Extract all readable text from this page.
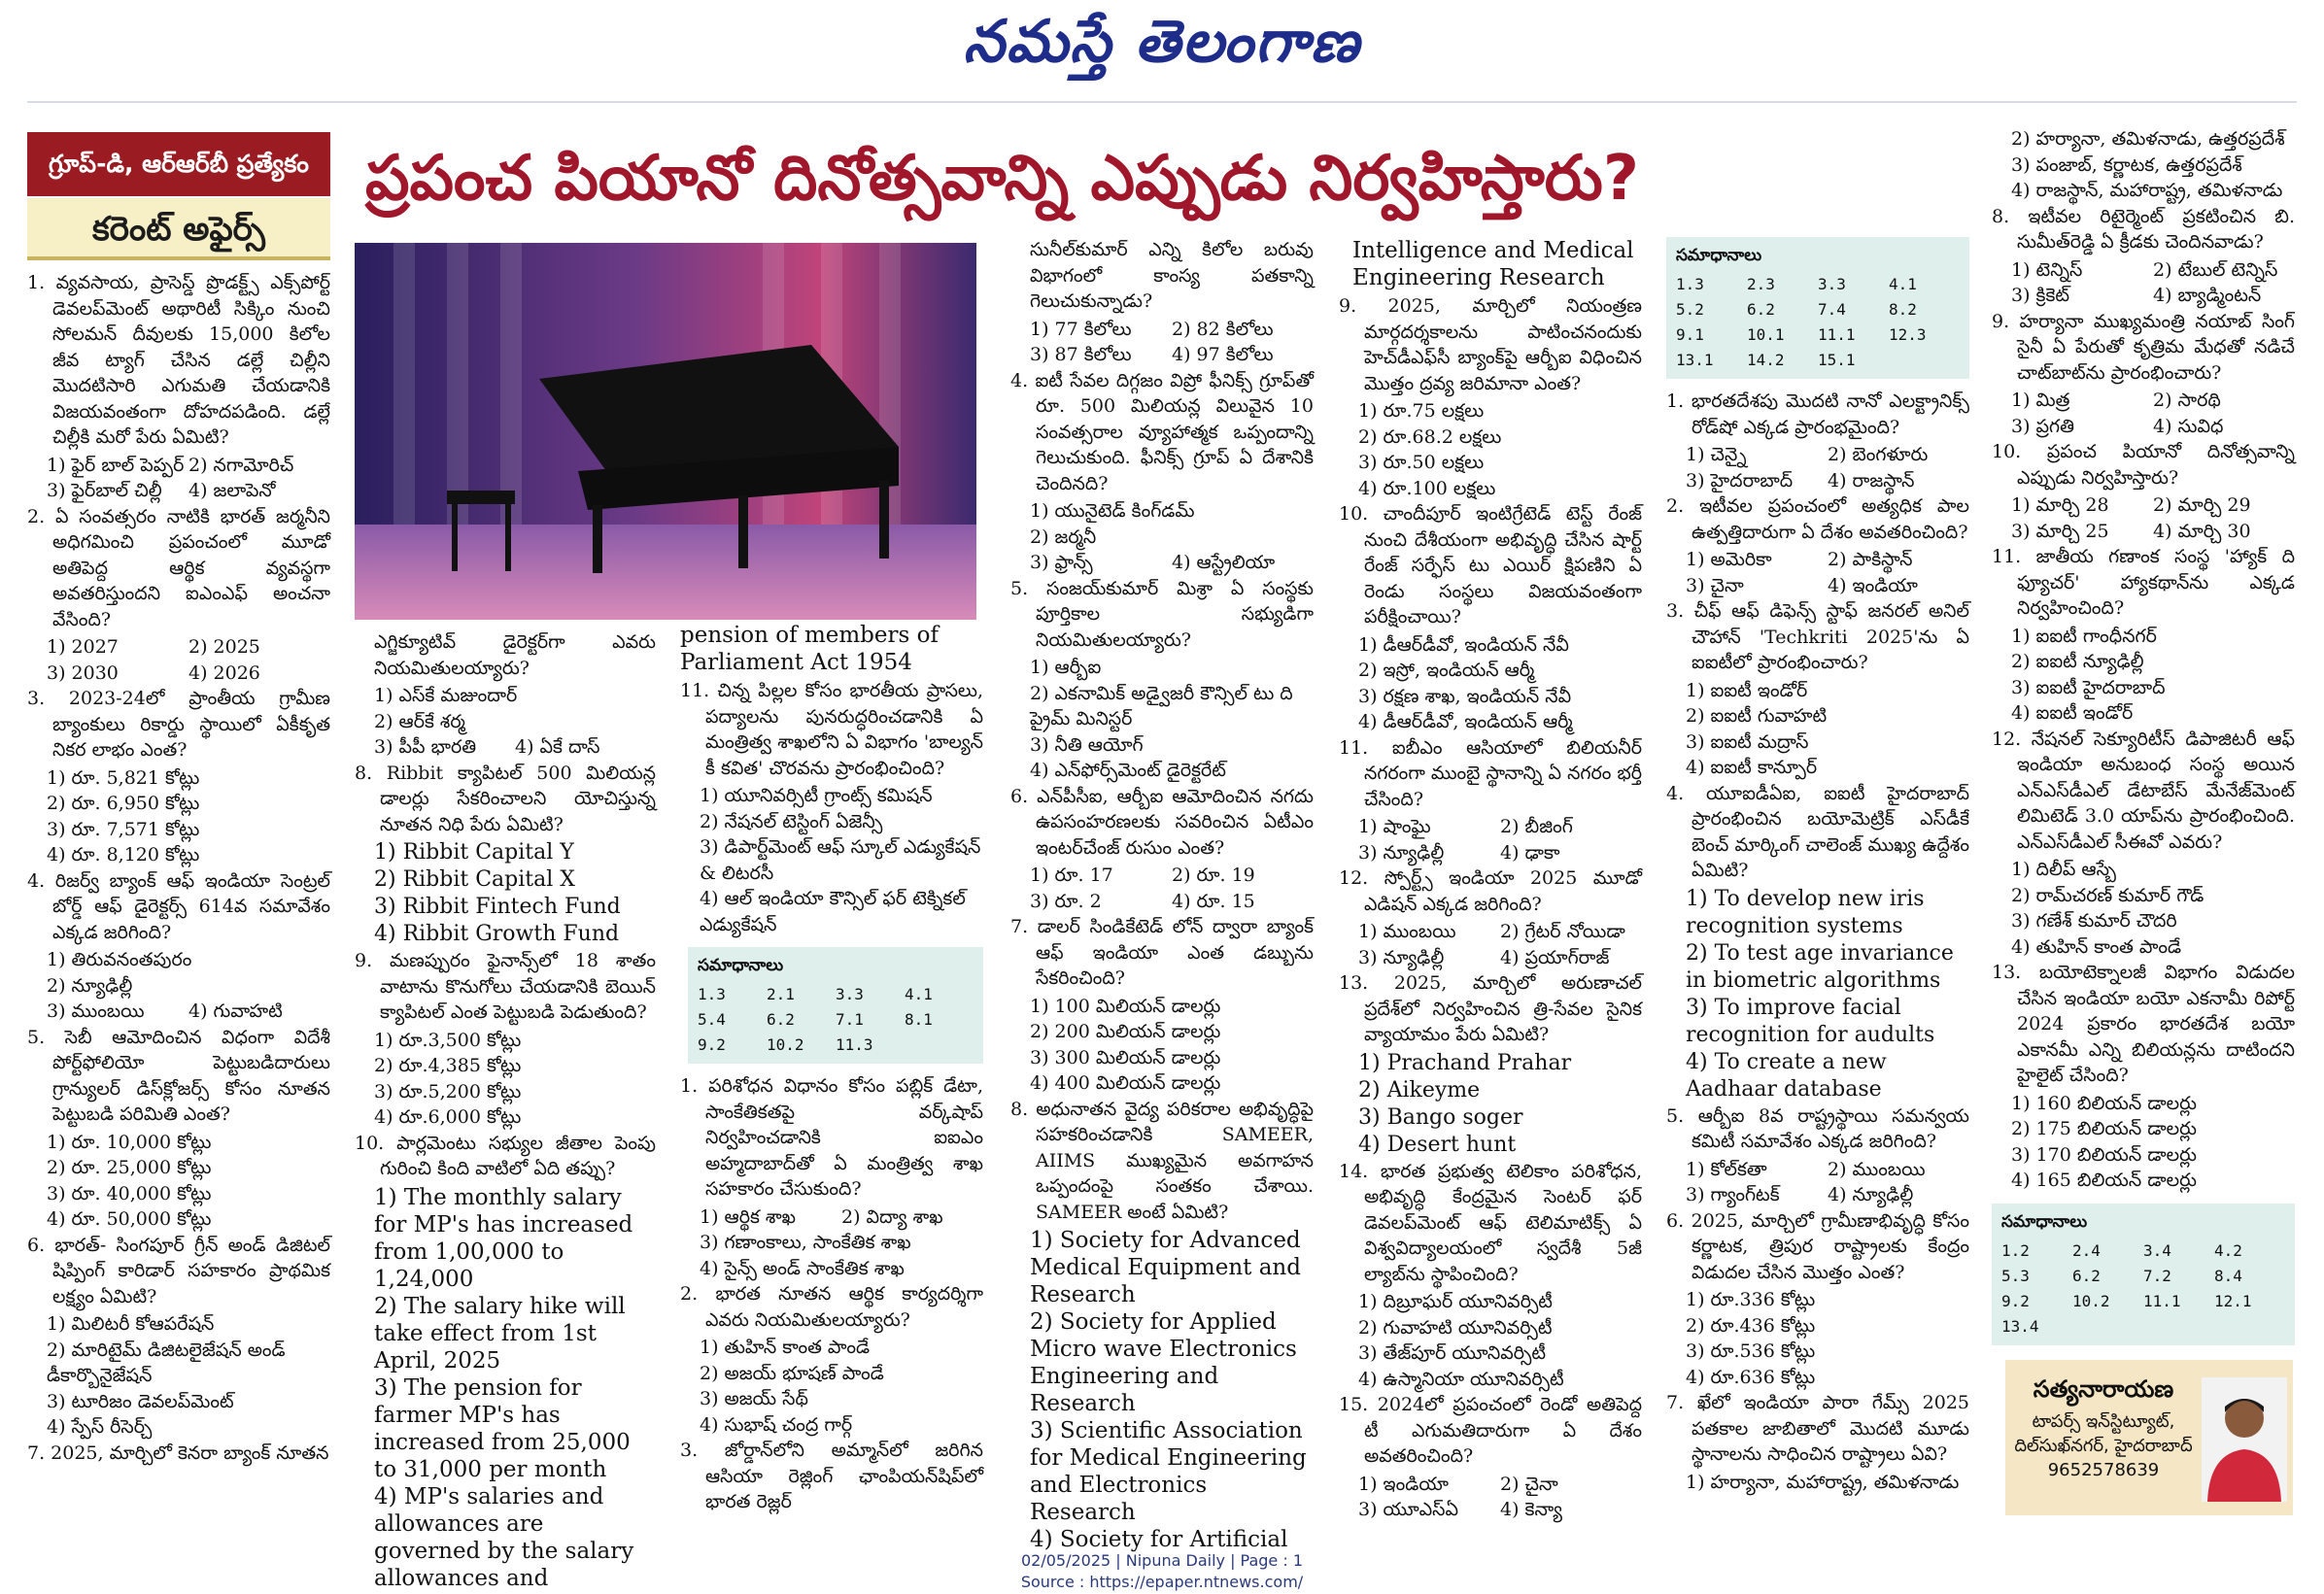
నమస్తే తెలంగాణ
గ్రూప్-డి, ఆర్ఆర్‌బీ ప్రత్యేకం
కరెంట్ అఫైర్స్
ప్రపంచ పియానో దినోత్సవాన్ని ఎప్పుడు నిర్వహిస్తారు?

1. వ్యవసాయ, ప్రాసెస్డ్ ప్రొడక్ట్స్ ఎక్స్‌పోర్ట్ డెవలప్‌మెంట్ అథారిటీ సిక్కిం నుంచి సోలమన్ దీవులకు 15,000 కిలోల జీవ ట్యాగ్ చేసిన డల్లే చిల్లీని మొదటిసారి ఎగుమతి చేయడానికి విజయవంతంగా దోహదపడింది. డల్లే చిల్లీకి మరో పేరు ఏమిటి?

1) ఫైర్ బాల్ పెప్పర్ 2) నగామోరిచ్
3) ఫైర్‌బాల్ చిల్లీ	4) జలాపెనో

2. ఏ సంవత్సరం నాటికి భారత్ జర్మనీని అధిగమించి ప్రపంచంలో మూడో అతిపెద్ద ఆర్థిక వ్యవస్థగా అవతరిస్తుందని ఐఎంఎఫ్ అంచనా వేసింది?

1) 2027	2) 2025
3) 2030	4) 2026

3. 2023-24లో ప్రాంతీయ గ్రామీణ బ్యాంకులు రికార్డు స్థాయిలో ఏకీకృత నికర లాభం ఎంత?

1) రూ. 5,821 కోట్లు
2) రూ. 6,950 కోట్లు
3) రూ. 7,571 కోట్లు
4) రూ. 8,120 కోట్లు

4. రిజర్వ్ బ్యాంక్ ఆఫ్ ఇండియా సెంట్రల్ బోర్డ్ ఆఫ్ డైరెక్టర్స్ 614వ సమావేశం ఎక్కడ జరిగింది?

1) తిరువనంతపురం
2) న్యూఢిల్లీ
3) ముంబయి	4) గువాహటి

5. సెబీ ఆమోదించిన విధంగా విదేశీ పోర్ట్‌ఫోలియో పెట్టుబడిదారులు గ్రాన్యులర్ డిస్‌క్లోజర్స్ కోసం నూతన పెట్టుబడి పరిమితి ఎంత?

1) రూ. 10,000 కోట్లు
2) రూ. 25,000 కోట్లు
3) రూ. 40,000 కోట్లు
4) రూ. 50,000 కోట్లు

6. భారత్- సింగపూర్ గ్రీన్ అండ్ డిజిటల్ షిప్పింగ్ కారిడార్ సహకారం ప్రాథమిక లక్ష్యం ఏమిటి?

1) మిలిటరీ కోఆపరేషన్
2) మారిటైమ్ డిజిటలైజేషన్ అండ్ డీకార్బొనైజేషన్
3) టూరిజం డెవలప్‌మెంట్
4) స్పేస్ రీసెర్చ్

7. 2025, మార్చిలో కెనరా బ్యాంక్ నూతన

ఎగ్జిక్యూటివ్ డైరెక్టర్‌గా ఎవరు నియమితులయ్యారు?

1) ఎస్‌కే మజుందార్
2) ఆర్‌కే శర్మ
3) పీపీ భారతి	4) ఏకే దాస్

8. Ribbit క్యాపిటల్ 500 మిలియన్ల డాలర్లు సేకరించాలని యోచిస్తున్న నూతన నిధి పేరు ఏమిటి?

1) Ribbit Capital Y
2) Ribbit Capital X
3) Ribbit Fintech Fund
4) Ribbit Growth Fund

9. మణప్పురం ఫైనాన్స్‌లో 18 శాతం వాటాను కొనుగోలు చేయడానికి బెయిన్ క్యాపిటల్ ఎంత పెట్టుబడి పెడుతుంది?

1) రూ.3,500 కోట్లు
2) రూ.4,385 కోట్లు
3) రూ.5,200 కోట్లు
4) రూ.6,000 కోట్లు

10. పార్లమెంటు సభ్యుల జీతాల పెంపు గురించి కింది వాటిలో ఏది తప్పు?

1) The monthly salary for MP's has increased from 1,00,000 to 1,24,000
2) The salary hike will take effect from 1st April, 2025
3) The pension for farmer MP's has increased from 25,000 to 31,000 per month
4) MP's salaries and allowances are governed by the salary allowances and

pension of members of Parliament Act 1954

11. చిన్న పిల్లల కోసం భారతీయ ప్రాసలు, పద్యాలను పునరుద్ధరించడానికి ఏ మంత్రిత్వ శాఖలోని ఏ విభాగం 'బాల్యన్ కీ కవిత' చొరవను ప్రారంభించింది?

1) యూనివర్సిటీ గ్రాంట్స్ కమిషన్
2) నేషనల్ టెస్టింగ్ ఏజెన్సీ
3) డిపార్ట్‌మెంట్ ఆఫ్ స్కూల్ ఎడ్యుకేషన్ & లిటరసీ
4) ఆల్ ఇండియా కౌన్సిల్ ఫర్ టెక్నికల్ ఎడ్యుకేషన్
సమాధానాలు
1.3	2.1	3.3	4.1
5.4	6.2	7.1	8.1
9.2	10.2	11.3

1. పరిశోధన విధానం కోసం పబ్లిక్ డేటా, సాంకేతికతపై వర్క్‌షాప్ నిర్వహించడానికి ఐఐఎం అహ్మదాబాద్‌తో ఏ మంత్రిత్వ శాఖ సహకారం చేసుకుంది?

1) ఆర్థిక శాఖ	2) విద్యా శాఖ
3) గణాంకాలు, సాంకేతిక శాఖ
4) సైన్స్ అండ్ సాంకేతిక శాఖ

2. భారత నూతన ఆర్థిక కార్యదర్శిగా ఎవరు నియమితులయ్యారు?

1) తుహిన్ కాంత పాండే
2) అజయ్ భూషణ్ పాండే
3) అజయ్ సేథ్
4) సుభాష్ చంద్ర గార్గ్

3. జోర్డాన్‌లోని అమ్మాన్‌లో జరిగిన ఆసియా రెజ్లింగ్ ఛాంపియన్‌షిప్‌లో భారత రెజ్లర్

సునీల్‌కుమార్ ఎన్ని కిలోల బరువు విభాగంలో కాంస్య పతకాన్ని గెలుచుకున్నాడు?

1) 77 కిలోలు	2) 82 కిలోలు
3) 87 కిలోలు	4) 97 కిలోలు

4. ఐటీ సేవల దిగ్గజం విప్రో ఫీనిక్స్ గ్రూప్‌తో రూ. 500 మిలియన్ల విలువైన 10 సంవత్సరాల వ్యూహాత్మక ఒప్పందాన్ని గెలుచుకుంది. ఫీనిక్స్ గ్రూప్ ఏ దేశానికి చెందినది?

1) యునైటెడ్ కింగ్‌డమ్
2) జర్మనీ
3) ఫ్రాన్స్	4) ఆస్ట్రేలియా

5. సంజయ్‌కుమార్ మిశ్రా ఏ సంస్థకు పూర్తికాల సభ్యుడిగా నియమితులయ్యారు?

1) ఆర్బీఐ
2) ఎకనామిక్ అడ్వైజరీ కౌన్సిల్ టు ది ప్రైమ్ మినిస్టర్
3) నీతి ఆయోగ్
4) ఎన్‌ఫోర్స్‌మెంట్ డైరెక్టరేట్

6. ఎన్‌పీసీఐ, ఆర్బీఐ ఆమోదించిన నగదు ఉపసంహరణలకు సవరించిన ఏటీఎం ఇంటర్‌చేంజ్ రుసుం ఎంత?

1) రూ. 17	2) రూ. 19
3) రూ. 2	4) రూ. 15

7. డాలర్ సిండికేటెడ్ లోన్ ద్వారా బ్యాంక్ ఆఫ్ ఇండియా ఎంత డబ్బును సేకరించింది?

1) 100 మిలియన్ డాలర్లు
2) 200 మిలియన్ డాలర్లు
3) 300 మిలియన్ డాలర్లు
4) 400 మిలియన్ డాలర్లు

8. అధునాతన వైద్య పరికరాల అభివృద్ధిపై సహకరించడానికి SAMEER, AIIMS ముఖ్యమైన అవగాహన ఒప్పందంపై సంతకం చేశాయి. SAMEER అంటే ఏమిటి?

1) Society for Advanced Medical Equipment and Research
2) Society for Applied Micro wave Electronics Engineering and Research
3) Scientific Association for Medical Engineering and Electronics Research
4) Society for Artificial

Intelligence and Medical Engineering Research

9. 2025, మార్చిలో నియంత్రణ మార్గదర్శకాలను పాటించనందుకు హెచ్‌డీఎఫ్‌సీ బ్యాంక్‌పై ఆర్బీఐ విధించిన మొత్తం ద్రవ్య జరిమానా ఎంత?

1) రూ.75 లక్షలు
2) రూ.68.2 లక్షలు
3) రూ.50 లక్షలు
4) రూ.100 లక్షలు

10. చాందీపూర్ ఇంటిగ్రేటెడ్ టెస్ట్ రేంజ్ నుంచి దేశీయంగా అభివృద్ధి చేసిన షార్ట్ రేంజ్ సర్ఫేస్ టు ఎయిర్ క్షిపణిని ఏ రెండు సంస్థలు విజయవంతంగా పరీక్షించాయి?

1) డీఆర్‌డీవో, ఇండియన్ నేవీ
2) ఇస్రో, ఇండియన్ ఆర్మీ
3) రక్షణ శాఖ, ఇండియన్ నేవీ
4) డీఆర్‌డీవో, ఇండియన్ ఆర్మీ

11. ఐబీఎం ఆసియాలో బిలియనీర్ నగరంగా ముంబై స్థానాన్ని ఏ నగరం భర్తీ చేసింది?

1) షాంఘై	2) బీజింగ్
3) న్యూఢిల్లీ	4) ఢాకా

12. స్పోర్ట్స్ ఇండియా 2025 మూడో ఎడిషన్ ఎక్కడ జరిగింది?

1) ముంబయి	2) గ్రేటర్ నోయిడా
3) న్యూఢిల్లీ	4) ప్రయాగ్‌రాజ్

13. 2025, మార్చిలో అరుణాచల్ ప్రదేశ్‌లో నిర్వహించిన త్రి-సేవల సైనిక వ్యాయామం పేరు ఏమిటి?

1) Prachand Prahar
2) Aikeyme
3) Bango soger
4) Desert hunt

14. భారత ప్రభుత్వ టెలికాం పరిశోధన, అభివృద్ధి కేంద్రమైన సెంటర్ ఫర్ డెవలప్‌మెంట్ ఆఫ్ టెలిమాటిక్స్ ఏ విశ్వవిద్యాలయంలో స్వదేశీ 5జీ ల్యాబ్‌ను స్థాపించింది?

1) దిబ్రూఘర్ యూనివర్సిటీ
2) గువాహటి యూనివర్సిటీ
3) తేజ్‌పూర్ యూనివర్సిటీ
4) ఉస్మానియా యూనివర్సిటీ

15. 2024లో ప్రపంచంలో రెండో అతిపెద్ద టీ ఎగుమతిదారుగా ఏ దేశం అవతరించింది?

1) ఇండియా	2) చైనా
3) యూఎస్‌ఏ	4) కెన్యా
సమాధానాలు
1.3	2.3	3.3	4.1
5.2	6.2	7.4	8.2
9.1	10.1	11.1	12.3
13.1	14.2	15.1

1. భారతదేశపు మొదటి నానో ఎలక్ట్రానిక్స్ రోడ్‌షో ఎక్కడ ప్రారంభమైంది?

1) చెన్నై	2) బెంగళూరు
3) హైదరాబాద్	4) రాజస్థాన్

2. ఇటీవల ప్రపంచంలో అత్యధిక పాల ఉత్పత్తిదారుగా ఏ దేశం అవతరించింది?

1) అమెరికా	2) పాకిస్థాన్
3) చైనా	4) ఇండియా

3. చీఫ్ ఆఫ్ డిఫెన్స్ స్టాఫ్ జనరల్ అనిల్ చౌహాన్ 'Techkriti 2025'ను ఏ ఐఐటీలో ప్రారంభించారు?

1) ఐఐటీ ఇండోర్
2) ఐఐటీ గువాహటి
3) ఐఐటీ మద్రాస్
4) ఐఐటీ కాన్పూర్

4. యూఐడీఏఐ, ఐఐటీ హైదరాబాద్ ప్రారంభించిన బయోమెట్రిక్ ఎస్‌డీకే బెంచ్ మార్కింగ్ చాలెంజ్ ముఖ్య ఉద్దేశం ఏమిటి?

1) To develop new iris recognition systems
2) To test age invariance in biometric algorithms
3) To improve facial recognition for audults
4) To create a new Aadhaar database

5. ఆర్బీఐ 8వ రాష్ట్రస్థాయి సమన్వయ కమిటీ సమావేశం ఎక్కడ జరిగింది?

1) కోల్‌కతా	2) ముంబయి
3) గ్యాంగ్‌టక్	4) న్యూఢిల్లీ

6. 2025, మార్చిలో గ్రామీణాభివృద్ధి కోసం కర్ణాటక, త్రిపుర రాష్ట్రాలకు కేంద్రం విడుదల చేసిన మొత్తం ఎంత?

1) రూ.336 కోట్లు
2) రూ.436 కోట్లు
3) రూ.536 కోట్లు
4) రూ.636 కోట్లు

7. ఖేలో ఇండియా పారా గేమ్స్ 2025 పతకాల జాబితాలో మొదటి మూడు స్థానాలను సాధించిన రాష్ట్రాలు ఏవి?

1) హర్యానా, మహారాష్ట్ర, తమిళనాడు
2) హర్యానా, తమిళనాడు, ఉత్తరప్రదేశ్
3) పంజాబ్, కర్ణాటక, ఉత్తరప్రదేశ్
4) రాజస్థాన్, మహారాష్ట్ర, తమిళనాడు

8. ఇటీవల రిటైర్మెంట్ ప్రకటించిన బి. సుమీత్‌రెడ్డి ఏ క్రీడకు చెందినవాడు?

1) టెన్నిస్	2) టేబుల్ టెన్నిస్
3) క్రికెట్	4) బ్యాడ్మింటన్

9. హర్యానా ముఖ్యమంత్రి నయాబ్ సింగ్ సైనీ ఏ పేరుతో కృత్రిమ మేధతో నడిచే చాట్‌బాట్‌ను ప్రారంభించారు?

1) మిత్ర	2) సారథి
3) ప్రగతి	4) సువిధ

10. ప్రపంచ పియానో దినోత్సవాన్ని ఎప్పుడు నిర్వహిస్తారు?

1) మార్చి 28	2) మార్చి 29
3) మార్చి 25	4) మార్చి 30

11. జాతీయ గణాంక సంస్థ 'హ్యాక్ ది ఫ్యూచర్' హ్యాకథాన్‌ను ఎక్కడ నిర్వహించింది?

1) ఐఐటీ గాంధీనగర్
2) ఐఐటీ న్యూఢిల్లీ
3) ఐఐటీ హైదరాబాద్
4) ఐఐటీ ఇండోర్

12. నేషనల్ సెక్యూరిటీస్ డిపాజిటరీ ఆఫ్ ఇండియా అనుబంధ సంస్థ అయిన ఎన్‌ఎస్‌డీఎల్ డేటాబేస్ మేనేజ్‌మెంట్ లిమిటెడ్ 3.0 యాప్‌ను ప్రారంభించింది. ఎన్‌ఎస్‌డీఎల్ సీఈవో ఎవరు?

1) దిలీప్ ఆస్బే
2) రామ్‌చరణ్ కుమార్ గౌడ్
3) గణేశ్ కుమార్ చౌదరి
4) తుహిన్ కాంత పాండే

13. బయోటెక్నాలజీ విభాగం విడుదల చేసిన ఇండియా బయో ఎకనామీ రిపోర్ట్ 2024 ప్రకారం భారతదేశ బయో ఎకానమీ ఎన్ని బిలియన్లను దాటిందని హైలైట్ చేసింది?

1) 160 బిలియన్ డాలర్లు
2) 175 బిలియన్ డాలర్లు
3) 170 బిలియన్ డాలర్లు
4) 165 బిలియన్ డాలర్లు
సమాధానాలు
1.2	2.4	3.4	4.2
5.3	6.2	7.2	8.4
9.2	10.2	11.1	12.1
13.4
సత్యనారాయణ
టాపర్స్ ఇన్‌స్టిట్యూట్,
దిల్‌సుఖ్‌నగర్, హైదరాబాద్
9652578639
02/05/2025 | Nipuna Daily | Page : 1
Source : https://epaper.ntnews.com/
